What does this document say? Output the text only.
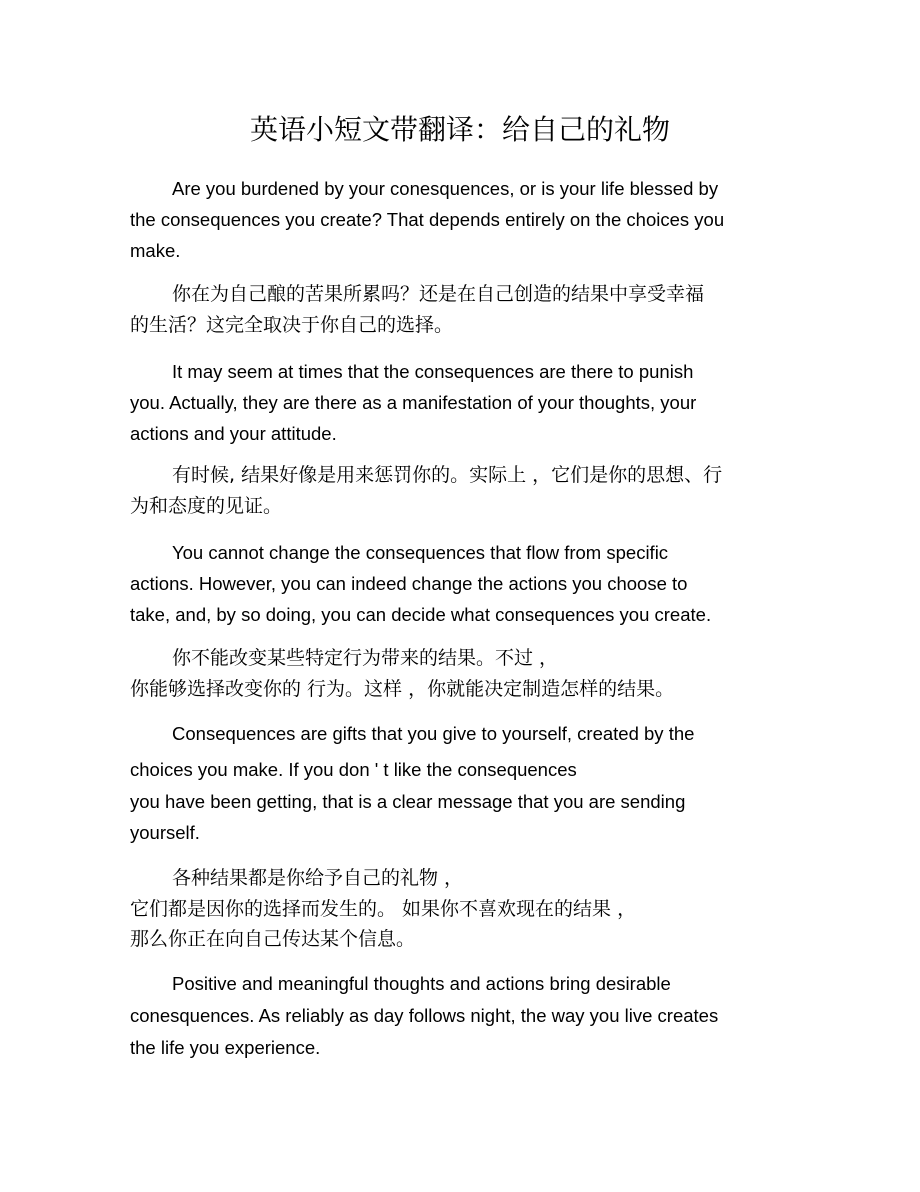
英语小短文带翻译：给自己的礼物
Are you burdened by your conesquences, or is your life blessed by
the consequences you create? That depends entirely on the choices you
make.
你在为自己酿的苦果所累吗？还是在自己创造的结果中享受幸福
的生活？这完全取决于你自己的选择。
It may seem at times that the consequences are there to punish
you. Actually, they are there as a manifestation of your thoughts, your
actions and your attitude.
有时候, 结果好像是用来惩罚你的。实际上 ，它们是你的思想、行
为和态度的见证。
You cannot change the consequences that flow from specific
actions. However, you can indeed change the actions you choose to
take, and, by so doing, you can decide what consequences you create.
你不能改变某些特定行为带来的结果。不过 ，
你能够选择改变你的 行为。这样 ，你就能决定制造怎样的结果。
Consequences are gifts that you give to yourself, created by the
choices you make. If you don ' t like the consequences
you have been getting, that is a clear message that you are sending
yourself.
各种结果都是你给予自己的礼物 ，
它们都是因你的选择而发生的。 如果你不喜欢现在的结果 ，
那么你正在向自己传达某个信息。
Positive and meaningful thoughts and actions bring desirable
conesquences. As reliably as day follows night, the way you live creates
the life you experience.
